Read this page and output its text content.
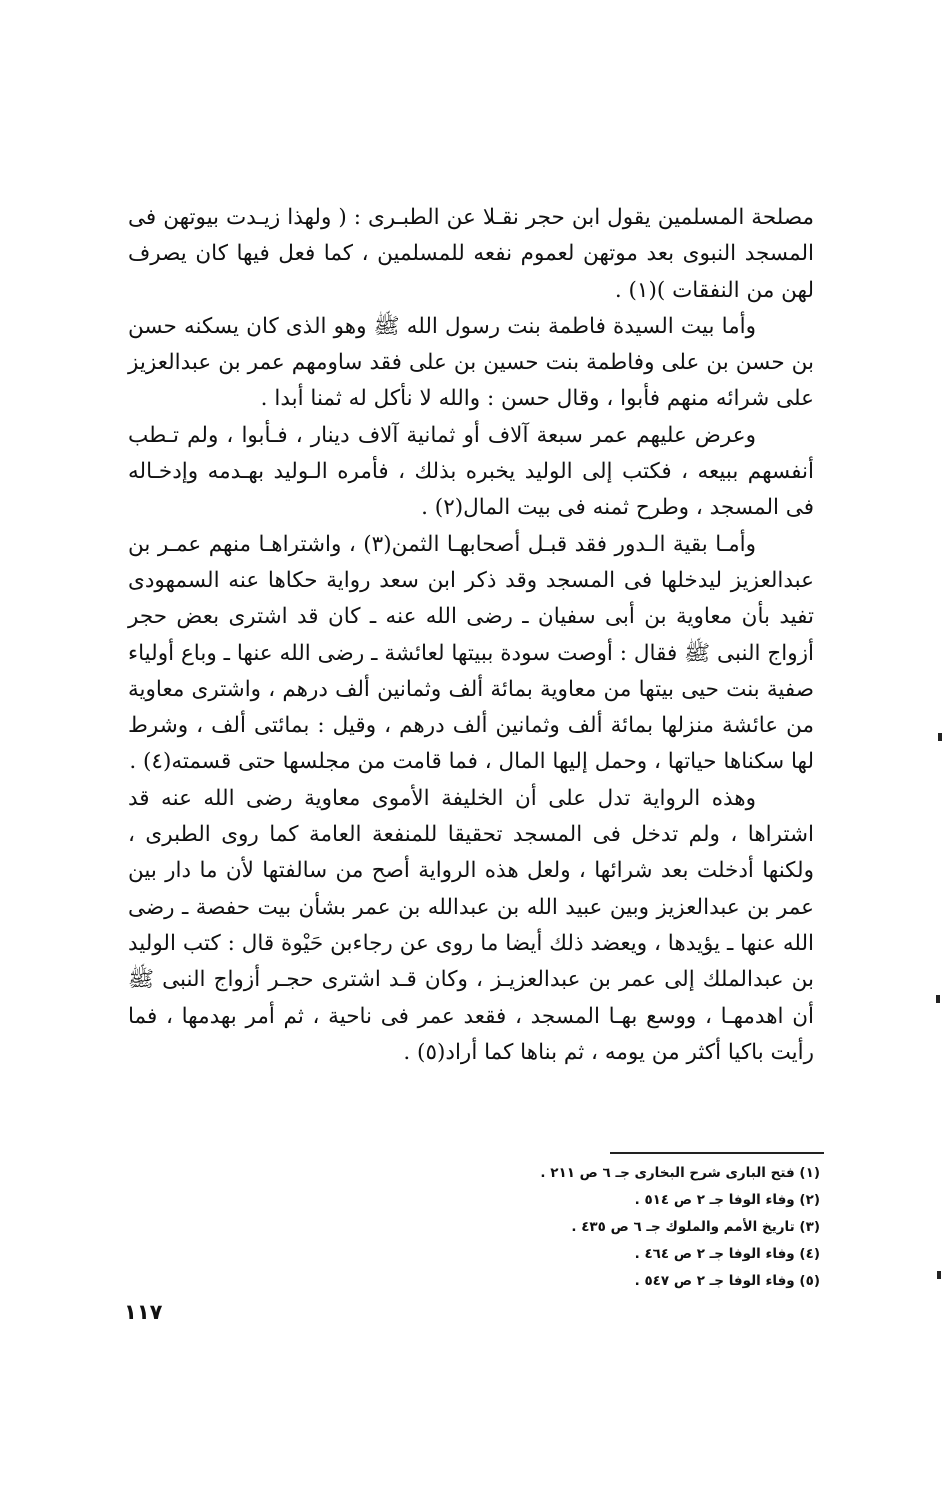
مصلحة المسلمين يقول ابن حجر نقـلا عن الطبـرى : ( ولهذا زيـدت بيوتهن فى المسجد النبوى بعد موتهن لعموم نفعه للمسلمين ، كما فعل فيها كان يصرف لهن من النفقات )(١) .

وأما بيت السيدة فاطمة بنت رسول الله ﷺ وهو الذى كان يسكنه حسن بن حسن بن على وفاطمة بنت حسين بن على فقد ساومهم عمر بن عبدالعزيز على شرائه منهم فأبوا ، وقال حسن : والله لا نأكل له ثمنا أبدا .

وعرض عليهم عمر سبعة آلاف أو ثمانية آلاف دينار ، فـأبوا ، ولم تـطب أنفسهم ببيعه ، فكتب إلى الوليد يخبره بذلك ، فأمره الـوليد بهـدمه وإدخـاله فى المسجد ، وطرح ثمنه فى بيت المال(٢) .

وأمـا بقية الـدور فقد قبـل أصحابهـا الثمن(٣) ، واشتراهـا منهم عمـر بن عبدالعزيز ليدخلها فى المسجد وقد ذكر ابن سعد رواية حكاها عنه السمهودى تفيد بأن معاوية بن أبى سفيان ـ رضى الله عنه ـ كان قد اشترى بعض حجر أزواج النبى ﷺ فقال : أوصت سودة ببيتها لعائشة ـ رضى الله عنها ـ وباع أولياء صفية بنت حيى بيتها من معاوية بمائة ألف وثمانين ألف درهم ، واشترى معاوية من عائشة منزلها بمائة ألف وثمانين ألف درهم ، وقيل : بمائتى ألف ، وشرط لها سكناها حياتها ، وحمل إليها المال ، فما قامت من مجلسها حتى قسمته(٤) .

وهذه الرواية تدل على أن الخليفة الأموى معاوية رضى الله عنه قد اشتراها ، ولم تدخل فى المسجد تحقيقا للمنفعة العامة كما روى الطبرى ، ولكنها أدخلت بعد شرائها ، ولعل هذه الرواية أصح من سالفتها لأن ما دار بين عمر بن عبدالعزيز وبين عبيد الله بن عبدالله بن عمر بشأن بيت حفصة ـ رضى الله عنها ـ يؤيدها ، ويعضد ذلك أيضا ما روى عن رجاءبن حَيْوة قال : كتب الوليد بن عبدالملك إلى عمر بن عبدالعزيـز ، وكان قـد اشترى حجـر أزواج النبى ﷺ أن اهدمهـا ، ووسع بهـا المسجد ، فقعد عمر فى ناحية ، ثم أمر بهدمها ، فما رأيت باكيا أكثر من يومه ، ثم بناها كما أراد(٥) .

(١) فتح البارى شرح البخارى جـ ٦ ص ٢١١ .
(٢) وفاء الوفا جـ ٢ ص ٥١٤ .
(٣) تاريخ الأمم والملوك جـ ٦ ص ٤٣٥ .
(٤) وفاء الوفا جـ ٢ ص ٤٦٤ .
(٥) وفاء الوفا جـ ٢ ص ٥٤٧ .
١١٧
